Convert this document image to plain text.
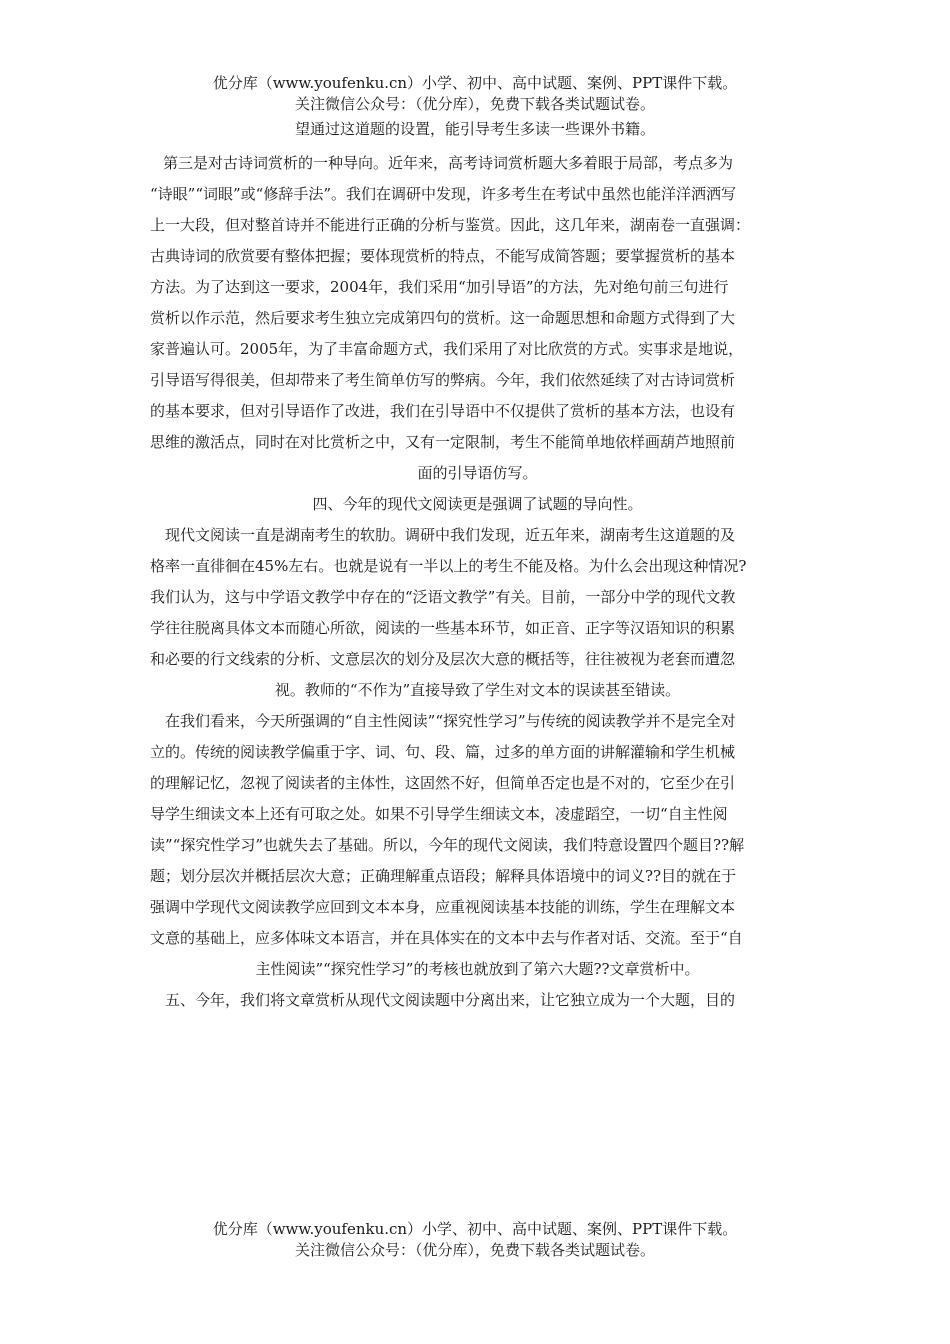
优分库（www.youfenku.cn）小学、初中、高中试题、案例、PPT课件下载。
关注微信公众号：（优分库），免费下载各类试题试卷。
望通过这道题的设置，能引导考生多读一些课外书籍。
第三是对古诗词赏析的一种导向。近年来，高考诗词赏析题大多着眼于局部，考点多为
“诗眼”“词眼”或“修辞手法”。我们在调研中发现，许多考生在考试中虽然也能洋洋洒洒写
上一大段，但对整首诗并不能进行正确的分析与鉴赏。因此，这几年来，湖南卷一直强调：
古典诗词的欣赏要有整体把握；要体现赏析的特点，不能写成简答题；要掌握赏析的基本
方法。为了达到这一要求，2004年，我们采用“加引导语”的方法，先对绝句前三句进行
赏析以作示范，然后要求考生独立完成第四句的赏析。这一命题思想和命题方式得到了大
家普遍认可。2005年，为了丰富命题方式，我们采用了对比欣赏的方式。实事求是地说，
引导语写得很美，但却带来了考生简单仿写的弊病。今年，我们依然延续了对古诗词赏析
的基本要求，但对引导语作了改进，我们在引导语中不仅提供了赏析的基本方法，也设有
思维的激活点，同时在对比赏析之中，又有一定限制，考生不能简单地依样画葫芦地照前
面的引导语仿写。
四、今年的现代文阅读更是强调了试题的导向性。
现代文阅读一直是湖南考生的软肋。调研中我们发现，近五年来，湖南考生这道题的及
格率一直徘徊在45%左右。也就是说有一半以上的考生不能及格。为什么会出现这种情况?
我们认为，这与中学语文教学中存在的“泛语文教学”有关。目前，一部分中学的现代文教
学往往脱离具体文本而随心所欲，阅读的一些基本环节，如正音、正字等汉语知识的积累
和必要的行文线索的分析、文意层次的划分及层次大意的概括等，往往被视为老套而遭忽
视。教师的“不作为”直接导致了学生对文本的误读甚至错读。
在我们看来，今天所强调的“自主性阅读”“探究性学习”与传统的阅读教学并不是完全对
立的。传统的阅读教学偏重于字、词、句、段、篇，过多的单方面的讲解灌输和学生机械
的理解记忆，忽视了阅读者的主体性，这固然不好，但简单否定也是不对的，它至少在引
导学生细读文本上还有可取之处。如果不引导学生细读文本，凌虚蹈空，一切“自主性阅
读”“探究性学习”也就失去了基础。所以，今年的现代文阅读，我们特意设置四个题目??解
题；划分层次并概括层次大意；正确理解重点语段；解释具体语境中的词义??目的就在于
强调中学现代文阅读教学应回到文本本身，应重视阅读基本技能的训练，学生在理解文本
文意的基础上，应多体味文本语言，并在具体实在的文本中去与作者对话、交流。至于“自
主性阅读”“探究性学习”的考核也就放到了第六大题??文章赏析中。
五、今年，我们将文章赏析从现代文阅读题中分离出来，让它独立成为一个大题，目的
优分库（www.youfenku.cn）小学、初中、高中试题、案例、PPT课件下载。
关注微信公众号：（优分库），免费下载各类试题试卷。
